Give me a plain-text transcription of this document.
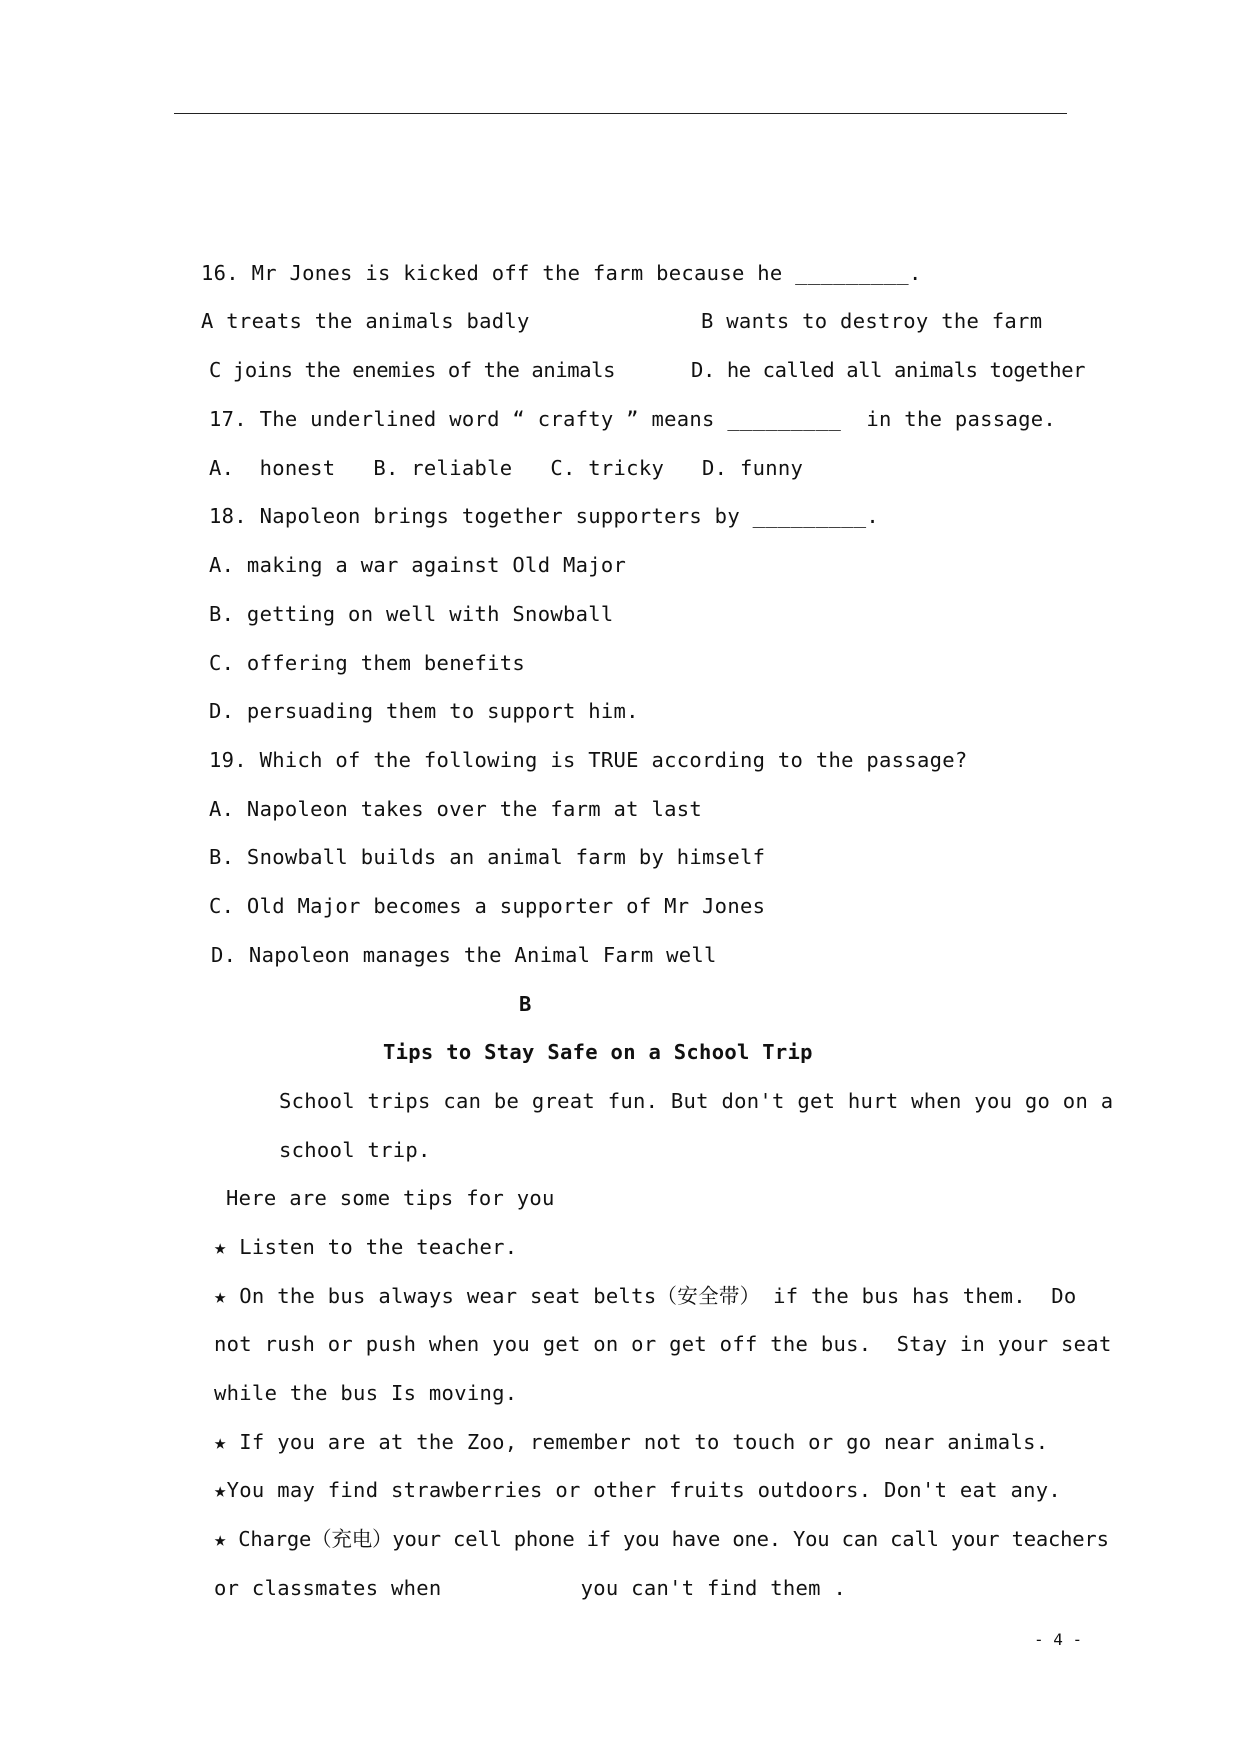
16. Mr Jones is kicked off the farm because he _________.
A treats the animals badly	B wants to destroy the farm
C joins the enemies of the animals	D. he called all animals together
17. The underlined word “ crafty ” means _________  in the passage.
A.  honest   B. reliable   C. tricky   D. funny
18. Napoleon brings together supporters by _________.
A. making a war against Old Major
B. getting on well with Snowball
C. offering them benefits
D. persuading them to support him.
19. Which of the following is TRUE according to the passage?
A. Napoleon takes over the farm at last
B. Snowball builds an animal farm by himself
C. Old Major becomes a supporter of Mr Jones
D. Napoleon manages the Animal Farm well
B
Tips to Stay Safe on a School Trip
School trips can be great fun. But don't get hurt when you go on a
school trip.
Here are some tips for you
★ Listen to the teacher.
★ On the bus always wear seat belts（安全带） if the bus has them.  Do
not rush or push when you get on or get off the bus.  Stay in your seat
while the bus Is moving.
★ If you are at the Zoo, remember not to touch or go near animals.
★You may find strawberries or other fruits outdoors. Don't eat any.
★ Charge（充电）your cell phone if you have one. You can call your teachers
or classmates when           you can't find them .
- 4 -
